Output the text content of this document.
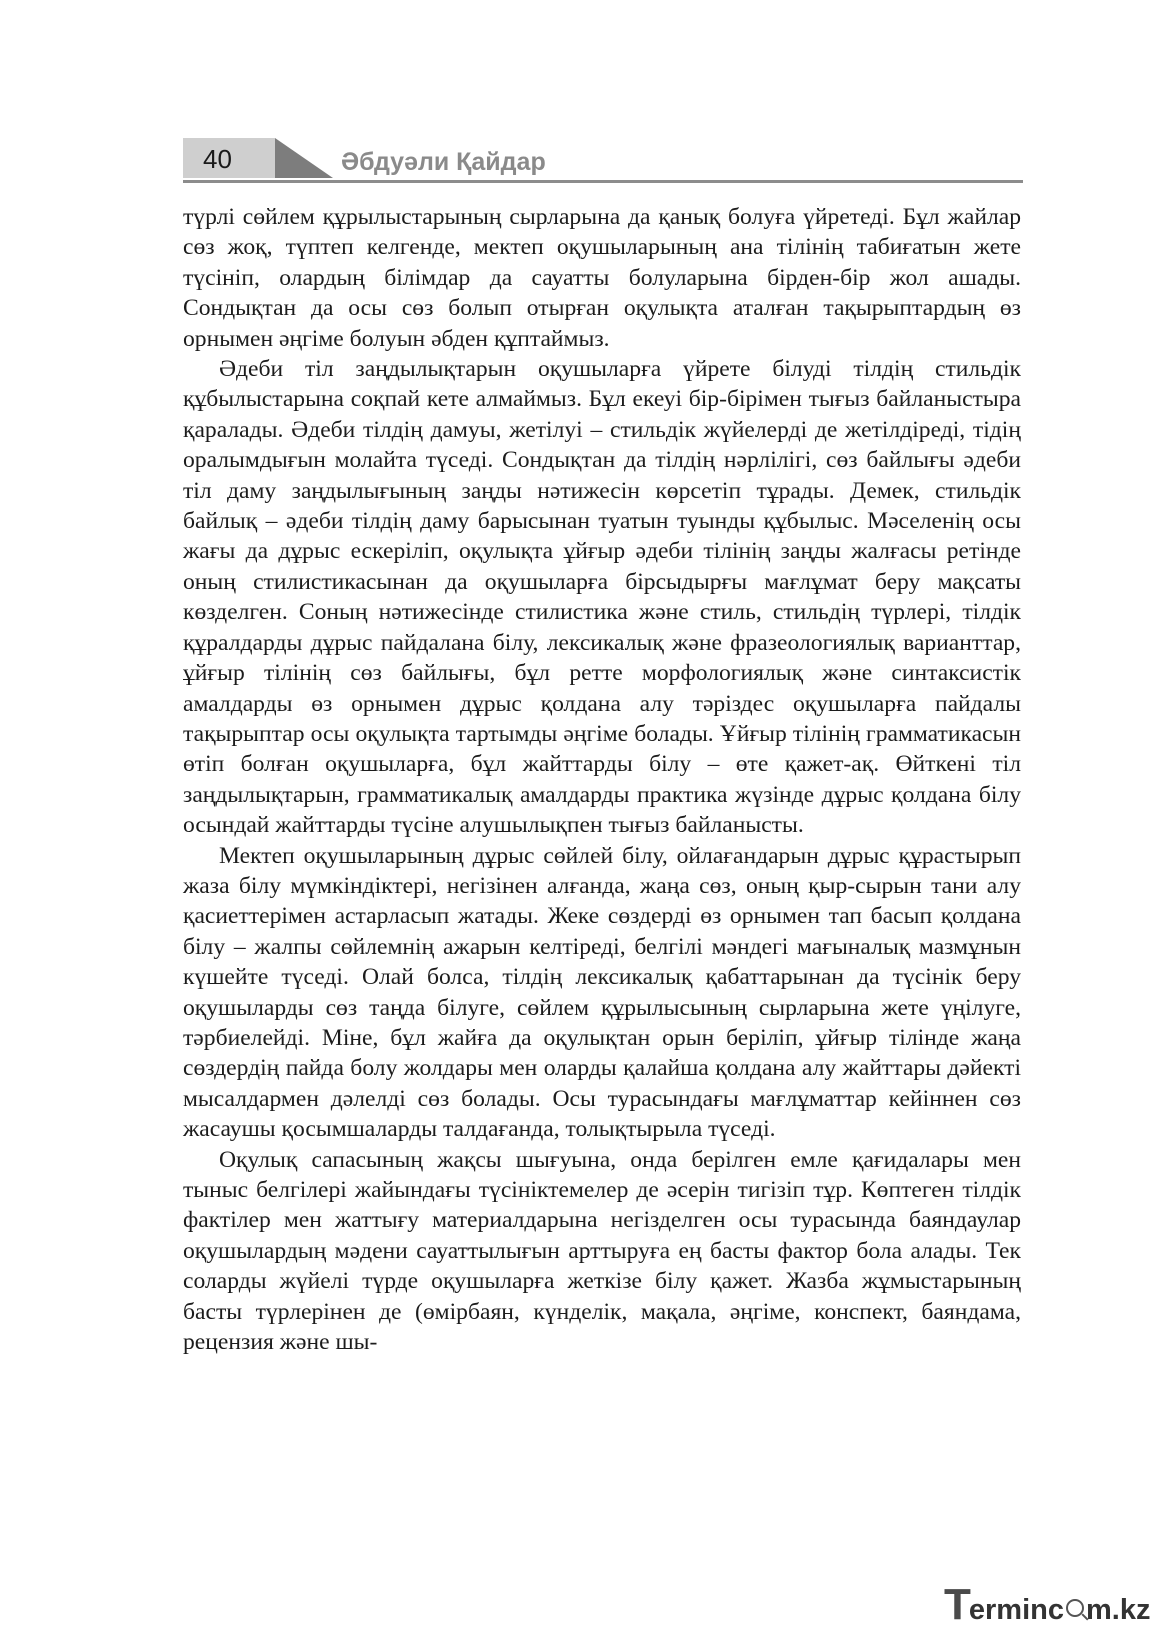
40	Әбдуәли Қайдар

түрлі сөйлем құрылыстарының сырларына да қанық болуға үйретеді. Бұл жайлар сөз жоқ, түптеп келгенде, мектеп оқушыларының ана тілінің табиғатын жете түсініп, олардың білімдар да сауатты болуларына бірден-бір жол ашады. Сондықтан да осы сөз болып отырған оқулықта аталған тақырыптардың өз орнымен әңгіме болуын әбден құптаймыз.

Әдеби тіл заңдылықтарын оқушыларға үйрете білуді тілдің стильдік құбылыстарына соқпай кете алмаймыз. Бұл екеуі бір-бірімен тығыз байланыстыра қаралады. Әдеби тілдің дамуы, жетілуі – стильдік жүйелерді де жетілдіреді, тідің оралымдығын молайта түседі. Сондықтан да тілдің нәрлілігі, сөз байлығы әдеби тіл даму заңдылығының заңды нәтижесін көрсетіп тұрады. Демек, стильдік байлық – әдеби тілдің даму барысынан туатын туынды құбылыс. Мәселенің осы жағы да дұрыс ескеріліп, оқулықта ұйғыр әдеби тілінің заңды жалғасы ретінде оның стилистикасынан да оқушыларға бірсыдырғы мағлұмат беру мақсаты көзделген. Соның нәтижесінде стилистика және стиль, стильдің түрлері, тілдік құралдарды дұрыс пайдалана білу, лексикалық және фразеологиялық варианттар, ұйғыр тілінің сөз байлығы, бұл ретте морфологиялық және синтаксистік амалдарды өз орнымен дұрыс қолдана алу тәріздес оқушыларға пайдалы тақырыптар осы оқулықта тартымды әңгіме болады. Ұйғыр тілінің грамматикасын өтіп болған оқушыларға, бұл жайттарды білу – өте қажет-ақ. Өйткені тіл заңдылықтарын, грамматикалық амалдарды практика жүзінде дұрыс қолдана білу осындай жайттарды түсіне алушылықпен тығыз байланысты.

Мектеп оқушыларының дұрыс сөйлей білу, ойлағандарын дұрыс құрастырып жаза білу мүмкіндіктері, негізінен алғанда, жаңа сөз, оның қыр-сырын тани алу қасиеттерімен астарласып жатады. Жеке сөздерді өз орнымен тап басып қолдана білу – жалпы сөйлемнің ажарын келтіреді, белгілі мәндегі мағыналық мазмұнын күшейте түседі. Олай болса, тілдің лексикалық қабаттарынан да түсінік беру оқушыларды сөз таңда білуге, сөйлем құрылысының сырларына жете үңілуге, тәрбиелейді. Міне, бұл жайға да оқулықтан орын беріліп, ұйғыр тілінде жаңа сөздердің пайда болу жолдары мен оларды қалайша қолдана алу жайттары дәйекті мысалдармен дәлелді сөз болады. Осы турасындағы мағлұматтар кейіннен сөз жасаушы қосымшаларды талдағанда, толықтырыла түседі.

Оқулық сапасының жақсы шығуына, онда берілген емле қағидалары мен тыныс белгілері жайындағы түсініктемелер де әсерін тигізіп тұр. Көптеген тілдік фактілер мен жаттығу материалдарына негізделген осы турасында баяндаулар оқушылардың мәдени сауаттылығын арттыруға ең басты фактор бола алады. Тек соларды жүйелі түрде оқушыларға жеткізе білу қажет. Жазба жұмыстарының басты түрлерінен де (өмірбаян, күнделік, мақала, әңгіме, конспект, баяндама, рецензия және шы-

Terminc m.kz
